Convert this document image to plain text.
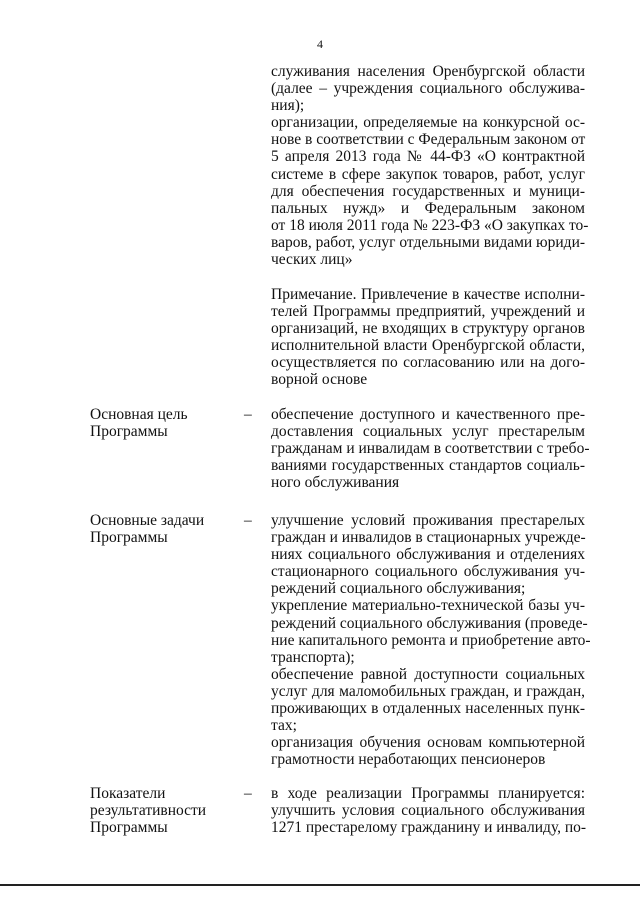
4
служивания населения Оренбургской области
(далее – учреждения социального обслужива-
ния);
организации, определяемые на конкурсной ос-
нове в соответствии с Федеральным законом от
5 апреля 2013 года № 44-ФЗ «О контрактной
системе в сфере закупок товаров, работ, услуг
для обеспечения государственных и муници-
пальных нужд» и Федеральным законом
от 18 июля 2011 года № 223-ФЗ «О закупках то-
варов, работ, услуг отдельными видами юриди-
ческих лиц»
Примечание. Привлечение в качестве исполни-
телей Программы предприятий, учреждений и
организаций, не входящих в структуру органов
исполнительной власти Оренбургской области,
осуществляется по согласованию или на дого-
ворной основе
Основная цель
Программы
– обеспечение доступного и качественного пре-
доставления социальных услуг престарелым
гражданам и инвалидам в соответствии с требо-
ваниями государственных стандартов социаль-
ного обслуживания
Основные задачи
Программы
– улучшение условий проживания престарелых
граждан и инвалидов в стационарных учрежде-
ниях социального обслуживания и отделениях
стационарного социального обслуживания уч-
реждений социального обслуживания;
укрепление материально-технической базы уч-
реждений социального обслуживания (проведе-
ние капитального ремонта и приобретение авто-
транспорта);
обеспечение равной доступности социальных
услуг для маломобильных граждан, и граждан,
проживающих в отдаленных населенных пунк-
тах;
организация обучения основам компьютерной
грамотности неработающих пенсионеров
Показатели
результативности
Программы
– в ходе реализации Программы планируется:
улучшить условия социального обслуживания
1271 престарелому гражданину и инвалиду, по-
